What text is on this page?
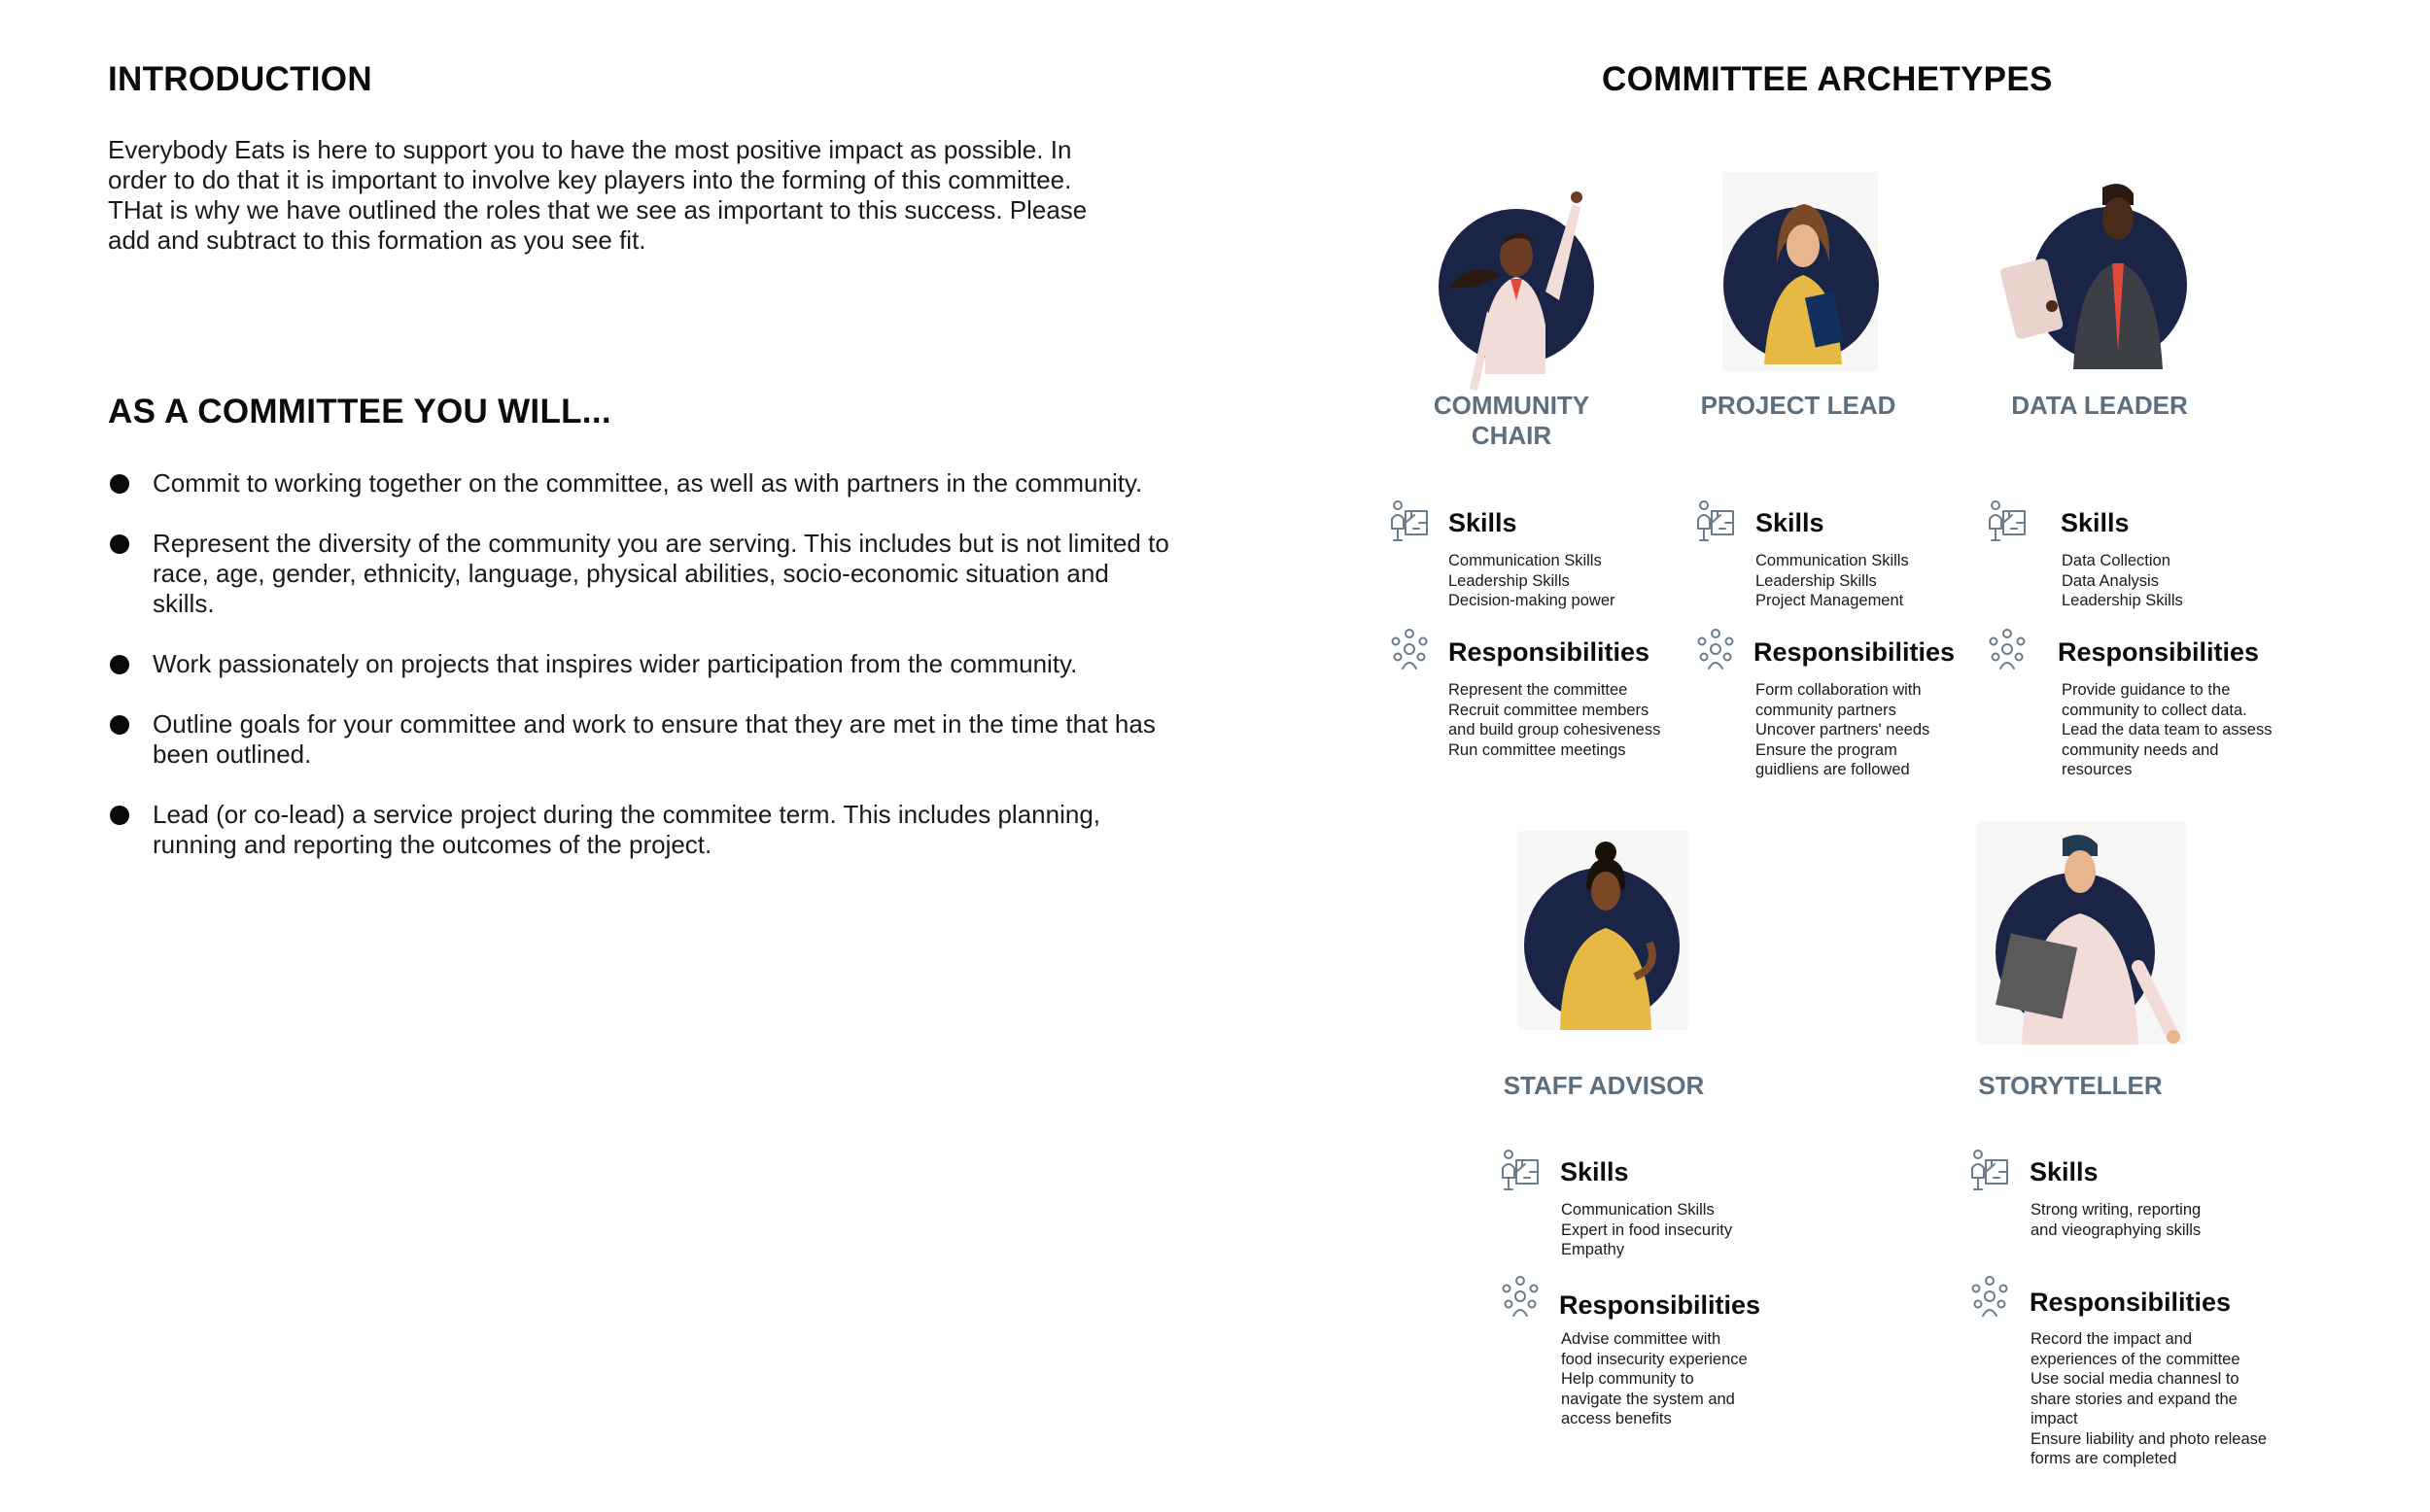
INTRODUCTION
Everybody Eats is here to support you to have the most positive impact as possible. In order to do that it is important to involve key players into the forming of this committee. THat is why we have outlined the roles that we see as important to this success. Please add and subtract to this formation as you see fit.
AS A COMMITTEE YOU WILL...
Commit to working together on the committee, as well as with partners in the community.
Represent the diversity of the community you are serving. This includes but is not limited to race, age, gender, ethnicity, language, physical abilities, socio-economic situation and skills.
Work passionately on projects that inspires wider participation from the community.
Outline goals for your committee and work to ensure that they are met in the time that has been outlined.
Lead (or co-lead) a service project during the commitee term. This includes planning, running and reporting the outcomes of the project.
COMMITTEE ARCHETYPES
COMMUNITY CHAIR
PROJECT LEAD	DATA LEADER
STAFF ADVISOR	STORYTELLER
Skills
Communication Skills
Leadership Skills
Decision-making power
Responsibilities
Represent the committee
Recruit committee members
and build group cohesiveness
Run committee meetings
Skills
Communication Skills
Leadership Skills
Project Management
Responsibilities
Form collaboration with
community partners
Uncover partners' needs
Ensure the program
guidliens are followed
Skills
Data Collection
Data Analysis
Leadership Skills
Responsibilities
Provide guidance to the
community to collect data.
Lead the data team to assess
community needs and
resources
Skills
Communication Skills
Expert in food insecurity
Empathy
Responsibilities
Advise committee with
food insecurity experience
Help community to
navigate the system and
access benefits
Skills
Strong writing, reporting
and vieographying skills
Responsibilities
Record the impact and
experiences of the committee
Use social media channesl to
share stories and expand the
impact
Ensure liability and photo release
forms are completed
